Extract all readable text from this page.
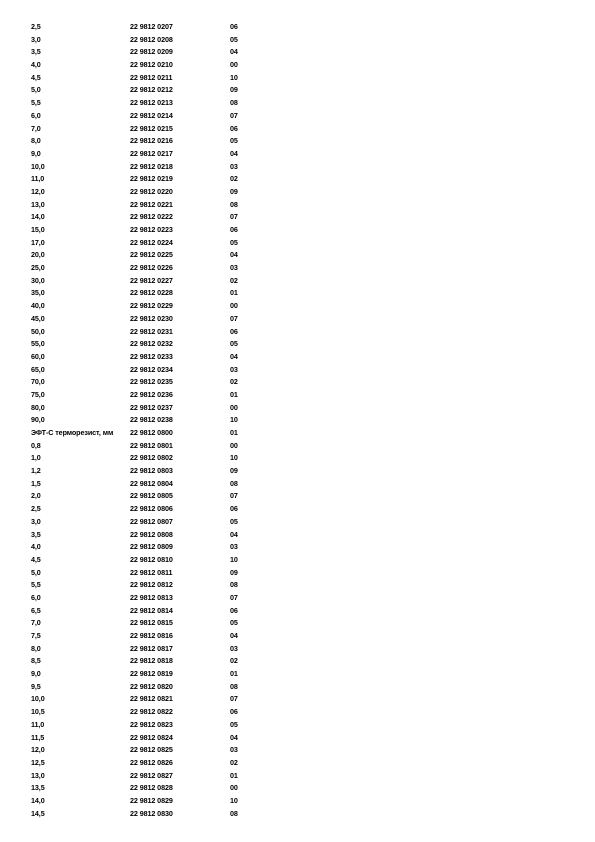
2,5	22 9812 0207	06
3,0	22 9812 0208	05
3,5	22 9812 0209	04
4,0	22 9812 0210	00
4,5	22 9812 0211	10
5,0	22 9812 0212	09
5,5	22 9812 0213	08
6,0	22 9812 0214	07
7,0	22 9812 0215	06
8,0	22 9812 0216	05
9,0	22 9812 0217	04
10,0	22 9812 0218	03
11,0	22 9812 0219	02
12,0	22 9812 0220	09
13,0	22 9812 0221	08
14,0	22 9812 0222	07
15,0	22 9812 0223	06
17,0	22 9812 0224	05
20,0	22 9812 0225	04
25,0	22 9812 0226	03
30,0	22 9812 0227	02
35,0	22 9812 0228	01
40,0	22 9812 0229	00
45,0	22 9812 0230	07
50,0	22 9812 0231	06
55,0	22 9812 0232	05
60,0	22 9812 0233	04
65,0	22 9812 0234	03
70,0	22 9812 0235	02
75,0	22 9812 0236	01
80,0	22 9812 0237	00
90,0	22 9812 0238	10
ЭФТ-С терморезист, мм 22 9812 0800	01
0,8	22 9812 0801	00
1,0	22 9812 0802	10
1,2	22 9812 0803	09
1,5	22 9812 0804	08
2,0	22 9812 0805	07
2,5	22 9812 0806	06
3,0	22 9812 0807	05
3,5	22 9812 0808	04
4,0	22 9812 0809	03
4,5	22 9812 0810	10
5,0	22 9812 0811	09
5,5	22 9812 0812	08
6,0	22 9812 0813	07
6,5	22 9812 0814	06
7,0	22 9812 0815	05
7,5	22 9812 0816	04
8,0	22 9812 0817	03
8,5	22 9812 0818	02
9,0	22 9812 0819	01
9,5	22 9812 0820	08
10,0	22 9812 0821	07
10,5	22 9812 0822	06
11,0	22 9812 0823	05
11,5	22 9812 0824	04
12,0	22 9812 0825	03
12,5	22 9812 0826	02
13,0	22 9812 0827	01
13,5	22 9812 0828	00
14,0	22 9812 0829	10
14,5	22 9812 0830	08
